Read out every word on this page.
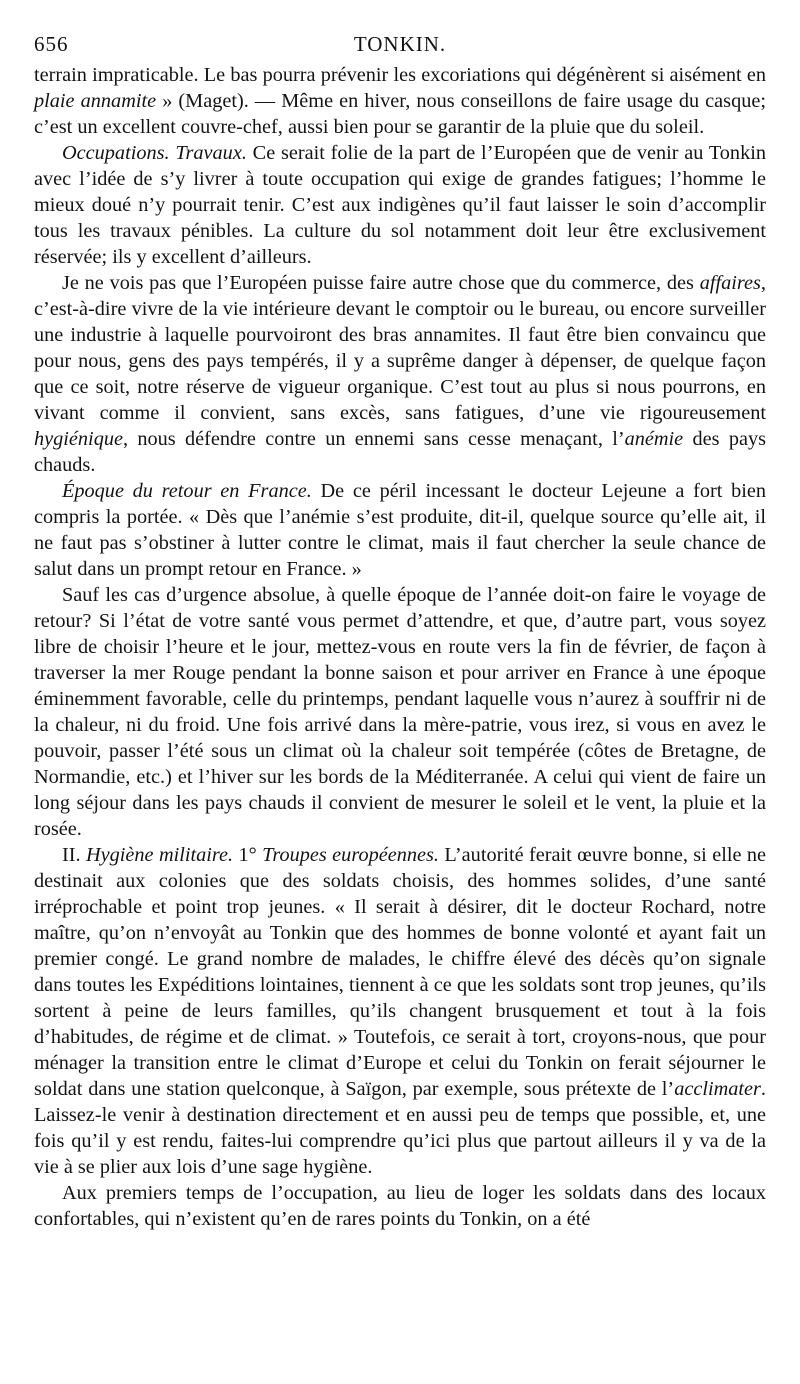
656	TONKIN.

terrain impraticable. Le bas pourra prévenir les excoriations qui dégénèrent si aisément en plaie annamite » (Maget). — Même en hiver, nous conseillons de faire usage du casque; c’est un excellent couvre-chef, aussi bien pour se garantir de la pluie que du soleil.

Occupations. Travaux. Ce serait folie de la part de l’Européen que de venir au Tonkin avec l’idée de s’y livrer à toute occupation qui exige de grandes fatigues; l’homme le mieux doué n’y pourrait tenir. C’est aux indigènes qu’il faut laisser le soin d’accomplir tous les travaux pénibles. La culture du sol notamment doit leur être exclusivement réservée; ils y excellent d’ailleurs.

Je ne vois pas que l’Européen puisse faire autre chose que du commerce, des affaires, c’est-à-dire vivre de la vie intérieure devant le comptoir ou le bureau, ou encore surveiller une industrie à laquelle pourvoiront des bras annamites. Il faut être bien convaincu que pour nous, gens des pays tempérés, il y a suprême danger à dépenser, de quelque façon que ce soit, notre réserve de vigueur organique. C’est tout au plus si nous pourrons, en vivant comme il convient, sans excès, sans fatigues, d’une vie rigoureusement hygiénique, nous défendre contre un ennemi sans cesse menaçant, l’anémie des pays chauds.

Époque du retour en France. De ce péril incessant le docteur Lejeune a fort bien compris la portée. « Dès que l’anémie s’est produite, dit-il, quelque source qu’elle ait, il ne faut pas s’obstiner à lutter contre le climat, mais il faut chercher la seule chance de salut dans un prompt retour en France. »

Sauf les cas d’urgence absolue, à quelle époque de l’année doit-on faire le voyage de retour? Si l’état de votre santé vous permet d’attendre, et que, d’autre part, vous soyez libre de choisir l’heure et le jour, mettez-vous en route vers la fin de février, de façon à traverser la mer Rouge pendant la bonne saison et pour arriver en France à une époque éminemment favorable, celle du printemps, pendant laquelle vous n’aurez à souffrir ni de la chaleur, ni du froid. Une fois arrivé dans la mère-patrie, vous irez, si vous en avez le pouvoir, passer l’été sous un climat où la chaleur soit tempérée (côtes de Bretagne, de Normandie, etc.) et l’hiver sur les bords de la Méditerranée. A celui qui vient de faire un long séjour dans les pays chauds il convient de mesurer le soleil et le vent, la pluie et la rosée.

II. Hygiène militaire. 1° Troupes européennes. L’autorité ferait œuvre bonne, si elle ne destinait aux colonies que des soldats choisis, des hommes solides, d’une santé irréprochable et point trop jeunes. « Il serait à désirer, dit le docteur Rochard, notre maître, qu’on n’envoyât au Tonkin que des hommes de bonne volonté et ayant fait un premier congé. Le grand nombre de malades, le chiffre élevé des décès qu’on signale dans toutes les Expéditions lointaines, tiennent à ce que les soldats sont trop jeunes, qu’ils sortent à peine de leurs familles, qu’ils changent brusquement et tout à la fois d’habitudes, de régime et de climat. » Toutefois, ce serait à tort, croyons-nous, que pour ménager la transition entre le climat d’Europe et celui du Tonkin on ferait séjourner le soldat dans une station quelconque, à Saïgon, par exemple, sous prétexte de l’acclimater. Laissez-le venir à destination directement et en aussi peu de temps que possible, et, une fois qu’il y est rendu, faites-lui comprendre qu’ici plus que partout ailleurs il y va de la vie à se plier aux lois d’une sage hygiène.

Aux premiers temps de l’occupation, au lieu de loger les soldats dans des locaux confortables, qui n’existent qu’en de rares points du Tonkin, on a été
